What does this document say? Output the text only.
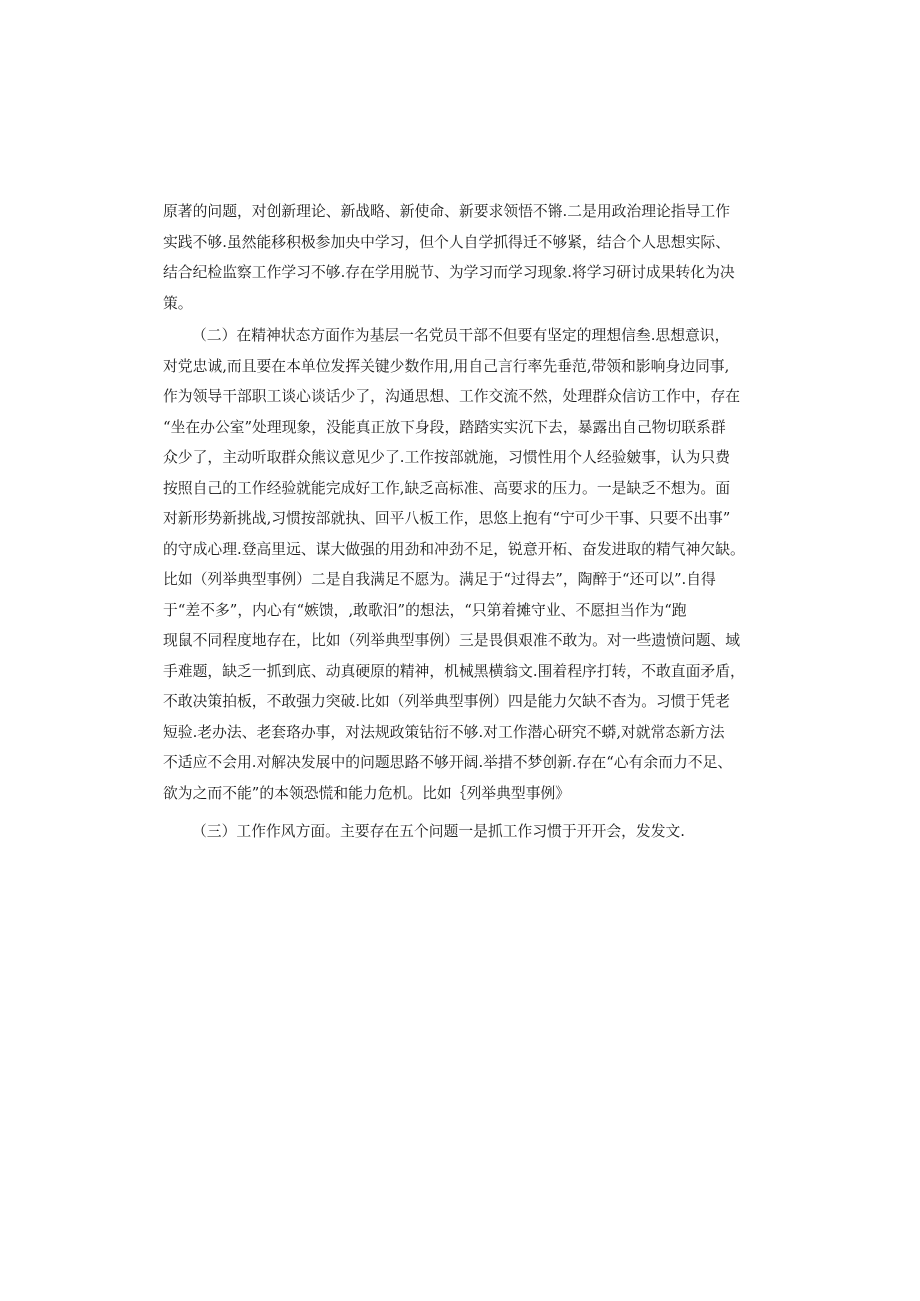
原著的问题，对创新理论、新战略、新使命、新要求领悟不锵.二是用政治理论指导工作
实践不够.虽然能移积极参加央中学习，但个人自学抓得迁不够紧，结合个人思想实际、
结合纪检监察工作学习不够.存在学用脱节、为学习而学习现象.将学习研讨成果转化为决
策。
（二）在精神状态方面作为基层一名党员干部不但要有坚定的理想信叁.思想意识，
对党忠诚,而且要在本单位发挥关键少数作用,用自己言行率先垂范,带领和影响身边同事,
作为领导干部职工谈心谈话少了，沟通思想、工作交流不然，处理群众信访工作中，存在
“坐在办公室”处理现象，没能真正放下身段，踏踏实实沉下去，暴露出自己物切联系群
众少了，主动听取群众熊议意见少了.工作按部就施，习惯性用个人经验皴事，认为只费
按照自己的工作经验就能完成好工作,缺乏高标准、高要求的压力。一是缺乏不想为。面
对新形势新挑战,习惯按部就执、回平八板工作，思悠上抱有“宁可少干事、只要不出事”
的守成心理.登高里远、谋大做强的用劲和冲劲不足，锐意开柘、奋发进取的精气神欠缺。
比如（列举典型事例）二是自我满足不愿为。满足于“过得去”，陶醉于“还可以”.自得
于“差不多”，内心有“嫉馈，,敢歌汨”的想法，“只第着摊守业、不愿担当作为“跑
现鼠不同程度地存在，比如（列举典型事例）三是畏俱艰准不敢为。对一些遗愤问题、域
手难题，缺乏一抓到底、动真硬原的精神，机械黑横翁文.围着程序打转，不敢直面矛盾，
不敢决策拍板，不敢强力突破.比如（列举典型事例）四是能力欠缺不杳为。习惯于凭老
短验.老办法、老套珞办事，对法规政策钻衍不够.对工作潜心研究不蟒,对就常态新方法
不适应不会用.对解决发展中的问题思路不够开阔.举措不梦创新.存在“心有余而力不足、
欲为之而不能”的本领恐慌和能力危机。比如｛列举典型事例》
（三）工作作风方面。主要存在五个问题一是抓工作习惯于开开会，发发文.
